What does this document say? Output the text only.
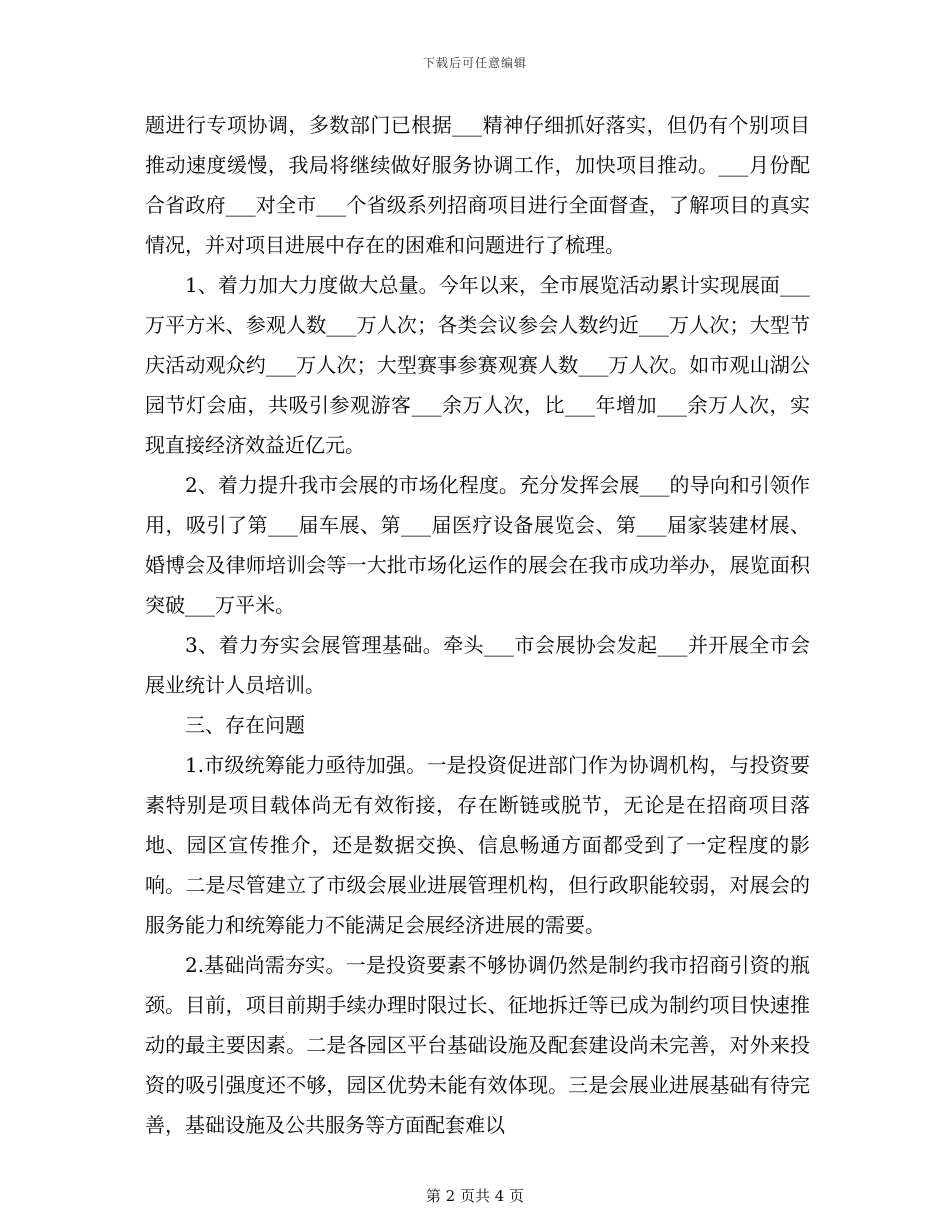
下载后可任意编辑

题进行专项协调，多数部门已根据___精神仔细抓好落实，但仍有个别项目推动速度缓慢，我局将继续做好服务协调工作，加快项目推动。___月份配合省政府___对全市___个省级系列招商项目进行全面督查，了解项目的真实情况，并对项目进展中存在的困难和问题进行了梳理。

1、着力加大力度做大总量。今年以来，全市展览活动累计实现展面___万平方米、参观人数___万人次；各类会议参会人数约近___万人次；大型节庆活动观众约___万人次；大型赛事参赛观赛人数___万人次。如市观山湖公园节灯会庙，共吸引参观游客___余万人次，比___年增加___余万人次，实现直接经济效益近亿元。

2、着力提升我市会展的市场化程度。充分发挥会展___的导向和引领作用，吸引了第___届车展、第___届医疗设备展览会、第___届家装建材展、婚博会及律师培训会等一大批市场化运作的展会在我市成功举办，展览面积突破___万平米。

3、着力夯实会展管理基础。牵头___市会展协会发起___并开展全市会展业统计人员培训。

三、存在问题

1.市级统筹能力亟待加强。一是投资促进部门作为协调机构，与投资要素特别是项目载体尚无有效衔接，存在断链或脱节，无论是在招商项目落地、园区宣传推介，还是数据交换、信息畅通方面都受到了一定程度的影响。二是尽管建立了市级会展业进展管理机构，但行政职能较弱，对展会的服务能力和统筹能力不能满足会展经济进展的需要。

2.基础尚需夯实。一是投资要素不够协调仍然是制约我市招商引资的瓶颈。目前，项目前期手续办理时限过长、征地拆迁等已成为制约项目快速推动的最主要因素。二是各园区平台基础设施及配套建设尚未完善，对外来投资的吸引强度还不够，园区优势未能有效体现。三是会展业进展基础有待完善，基础设施及公共服务等方面配套难以

第 2 页共 4 页
